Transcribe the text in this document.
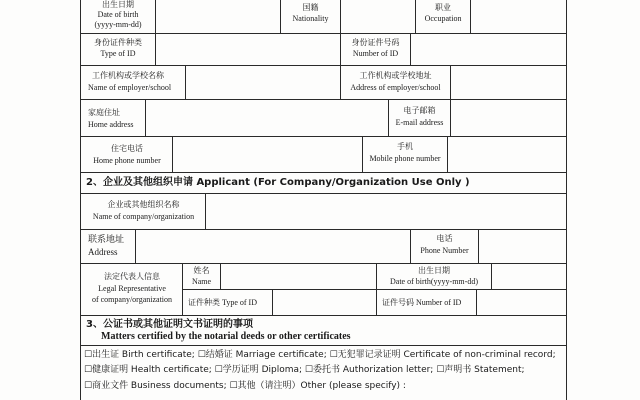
出生日期
Date of birth
(yyyy-mm-dd)
国籍
Nationality
职业
Occupation
身份证件种类
Type of ID
身份证件号码
Number of ID
工作机构或学校名称
Name of employer/school
工作机构或学校地址
Address of employer/school
家庭住址
Home address
电子邮箱
E-mail address
住宅电话
Home phone number
手机
Mobile phone number
2、企业及其他组织申请 Applicant (For Company/Organization Use Only )
企业或其他组织名称
Name of company/organization
联系地址
Address
电话
Phone Number
法定代表人信息
Legal Representative
of company/organization
姓名
Name
出生日期
Date of birth(yyyy-mm-dd)
证件种类 Type of ID	证件号码 Number of ID
3、公证书或其他证明文书证明的事项
Matters certified by the notarial deeds or other certificates
☐出生证 Birth certificate; ☐结婚证 Marriage certificate; ☐无犯罪记录证明 Certificate of non-criminal record;
☐健康证明 Health certificate; ☐学历证明 Diploma; ☐委托书 Authorization letter; ☐声明书 Statement;
☐商业文件 Business documents; ☐其他（请注明）Other (please specify) :
